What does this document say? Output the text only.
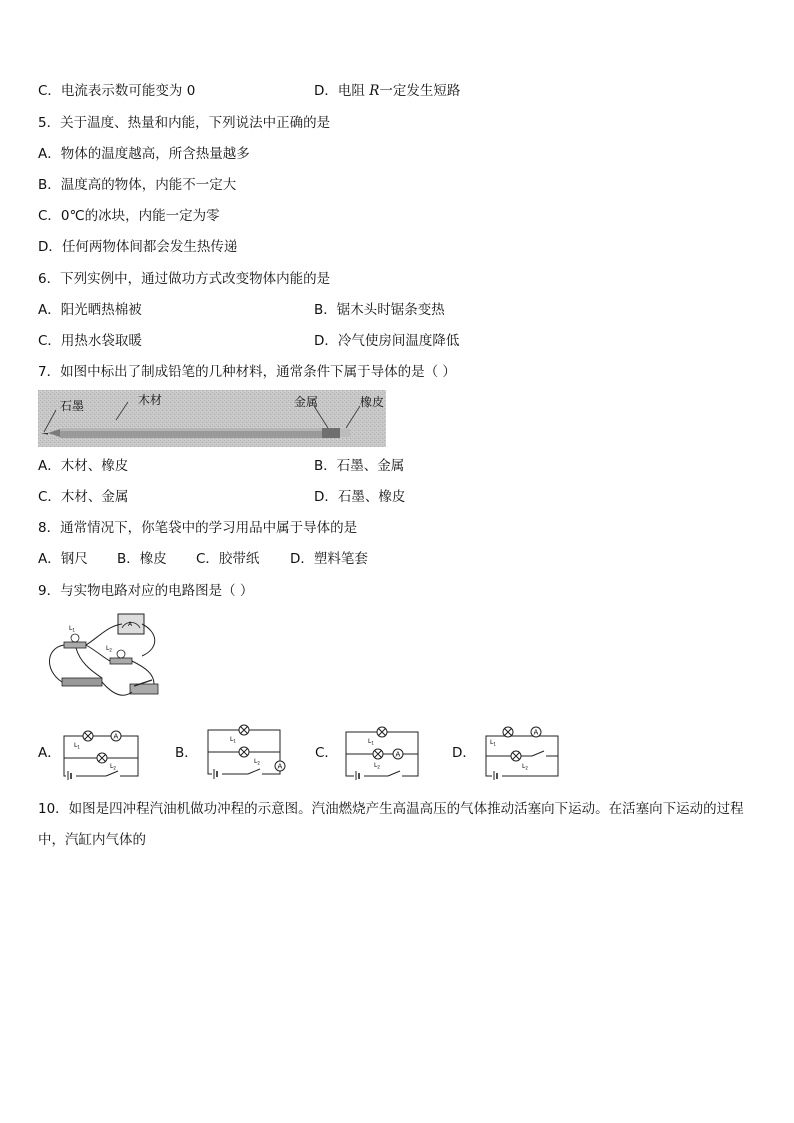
C．电流表示数可能变为 0	D．电阻 R一定发生短路
5．关于温度、热量和内能，下列说法中正确的是
A．物体的温度越高，所含热量越多
B．温度高的物体，内能不一定大
C．0℃的冰块，内能一定为零
D．任何两物体间都会发生热传递
6．下列实例中，通过做功方式改变物体内能的是
A．阳光晒热棉被	B．锯木头时锯条变热
C．用热水袋取暖	D．冷气使房间温度降低
7．如图中标出了制成铅笔的几种材料，通常条件下属于导体的是（ ）
石墨	木材	金属	橡皮
A．木材、橡皮	B．石墨、金属
C．木材、金属	D．石墨、橡皮
8．通常情况下，你笔袋中的学习用品中属于导体的是
A．钢尺 B．橡皮 C．胶带纸 D．塑料笔套
9．与实物电路对应的电路图是（ ）
A
$L_1$
$L_2$
A．	B．	C．	D．
A
$L_1$
$L_2$	A
$L_1$
$L_2$
A
$L_1$
$L_2$
A
$L_1$
$L_2$
10．如图是四冲程汽油机做功冲程的示意图。汽油燃烧产生高温高压的气体推动活塞向下运动。在活塞向下运动的过程中，汽缸内气体的
